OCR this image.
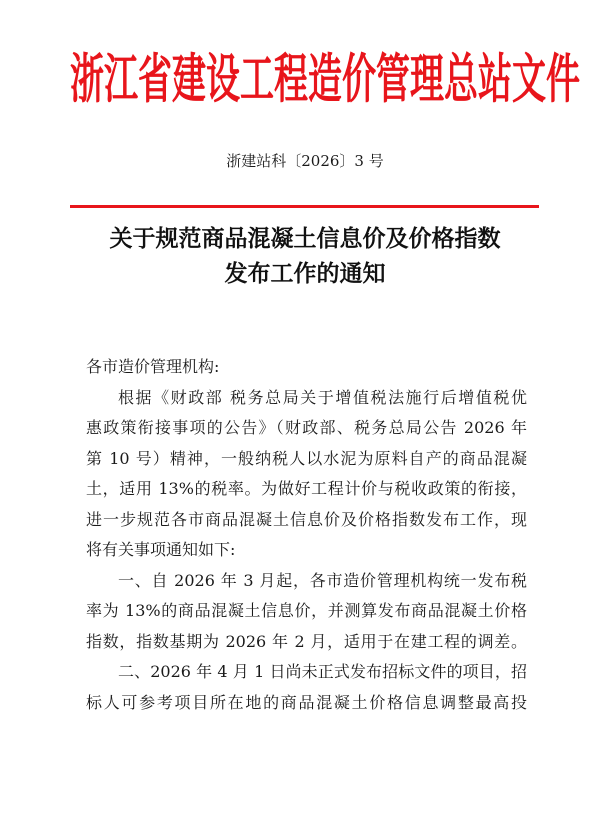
浙 江 省 建 设 工 程 造 价 管 理 总 站 文 件
浙建站科〔2026〕3 号
关于规范商品混凝土信息价及价格指数
发布工作的通知
各市造价管理机构:
根据《财政部 税务总局关于增值税法施行后增值税优
惠政策衔接事项的公告》（财政部、税务总局公告 2026 年
第 10 号）精神，一般纳税人以水泥为原料自产的商品混凝
土，适用 13%的税率。为做好工程计价与税收政策的衔接，
进一步规范各市商品混凝土信息价及价格指数发布工作，现
将有关事项通知如下:
一、自 2026 年 3 月起，各市造价管理机构统一发布税
率为 13%的商品混凝土信息价，并测算发布商品混凝土价格
指数，指数基期为 2026 年 2 月，适用于在建工程的调差。
二、2026 年 4 月 1 日尚未正式发布招标文件的项目，招
标人可参考项目所在地的商品混凝土价格信息调整最高投
